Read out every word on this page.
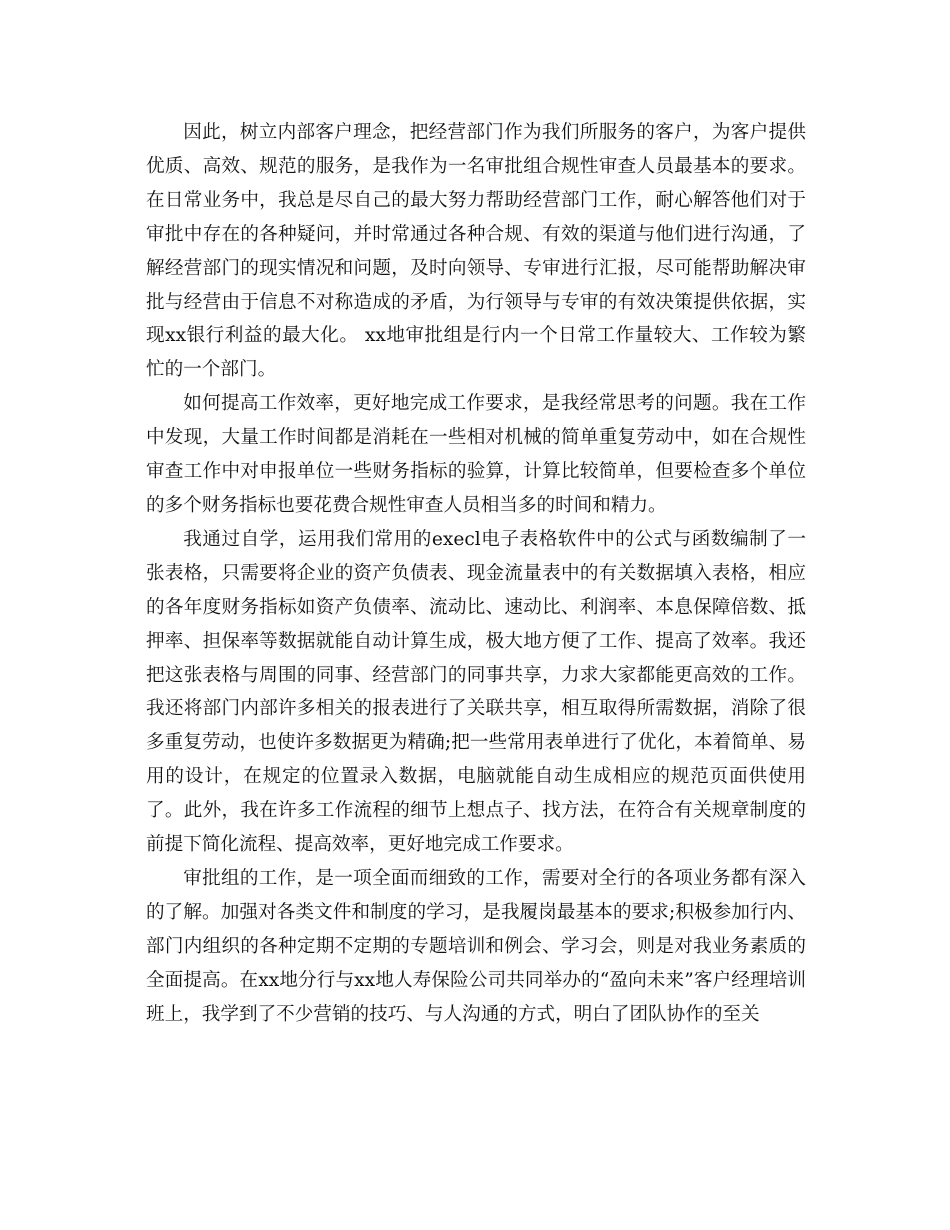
因此，树立内部客户理念，把经营部门作为我们所服务的客户，为客户提供优质、高效、规范的服务，是我作为一名审批组合规性审查人员最基本的要求。在日常业务中，我总是尽自己的最大努力帮助经营部门工作，耐心解答他们对于审批中存在的各种疑问，并时常通过各种合规、有效的渠道与他们进行沟通，了解经营部门的现实情况和问题，及时向领导、专审进行汇报，尽可能帮助解决审批与经营由于信息不对称造成的矛盾，为行领导与专审的有效决策提供依据，实现xx银行利益的最大化。 xx地审批组是行内一个日常工作量较大、工作较为繁忙的一个部门。

如何提高工作效率，更好地完成工作要求，是我经常思考的问题。我在工作中发现，大量工作时间都是消耗在一些相对机械的简单重复劳动中，如在合规性审查工作中对申报单位一些财务指标的验算，计算比较简单，但要检查多个单位的多个财务指标也要花费合规性审查人员相当多的时间和精力。

我通过自学，运用我们常用的execl电子表格软件中的公式与函数编制了一张表格，只需要将企业的资产负债表、现金流量表中的有关数据填入表格，相应的各年度财务指标如资产负债率、流动比、速动比、利润率、本息保障倍数、抵押率、担保率等数据就能自动计算生成，极大地方便了工作、提高了效率。我还把这张表格与周围的同事、经营部门的同事共享，力求大家都能更高效的工作。我还将部门内部许多相关的报表进行了关联共享，相互取得所需数据，消除了很多重复劳动，也使许多数据更为精确;把一些常用表单进行了优化，本着简单、易用的设计，在规定的位置录入数据，电脑就能自动生成相应的规范页面供使用了。此外，我在许多工作流程的细节上想点子、找方法，在符合有关规章制度的前提下简化流程、提高效率，更好地完成工作要求。

审批组的工作，是一项全面而细致的工作，需要对全行的各项业务都有深入的了解。加强对各类文件和制度的学习，是我履岗最基本的要求;积极参加行内、部门内组织的各种定期不定期的专题培训和例会、学习会，则是对我业务素质的全面提高。在xx地分行与xx地人寿保险公司共同举办的“盈向未来”客户经理培训班上，我学到了不少营销的技巧、与人沟通的方式，明白了团队协作的至关
